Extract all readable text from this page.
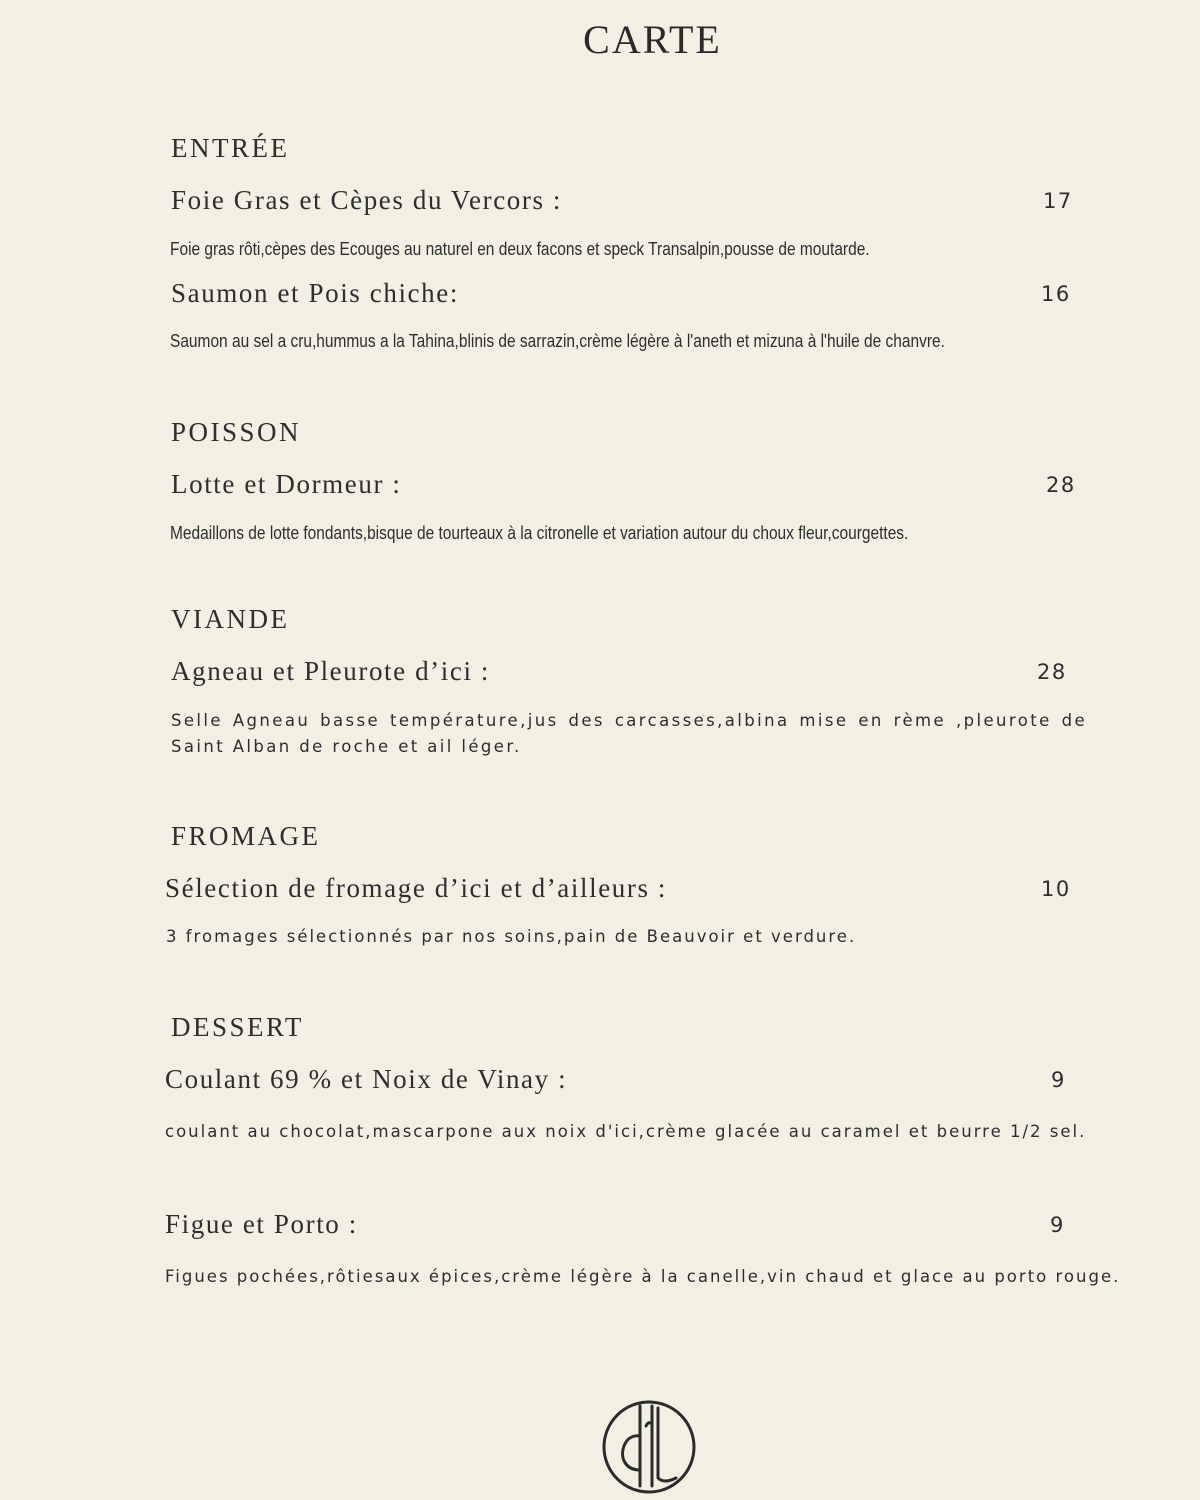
CARTE
ENTRÉE
Foie Gras et Cèpes du Vercors :	17
Foie gras rôti,cèpes des Ecouges au naturel en deux facons et speck Transalpin,pousse de moutarde.
Saumon et Pois chiche:	16
Saumon au sel a cru,hummus a la Tahina,blinis de sarrazin,crème légère à l'aneth et mizuna à l'huile de chanvre.
POISSON
Lotte et Dormeur :	28
Medaillons de lotte fondants,bisque de tourteaux à la citronelle et variation autour du choux fleur,courgettes.
VIANDE
Agneau et Pleurote d’ici :	28
Selle Agneau basse température,jus des carcasses,albina mise en rème ,pleurote de Saint Alban de roche et ail léger.
FROMAGE
Sélection de fromage d’ici et d’ailleurs :	10
3 fromages sélectionnés par nos soins,pain de Beauvoir et verdure.
DESSERT
Coulant 69 % et Noix de Vinay :	9
coulant au chocolat,mascarpone aux noix d'ici,crème glacée au caramel et beurre 1/2 sel.
Figue et Porto :	9
Figues pochées,rôtiesaux épices,crème légère à la canelle,vin chaud et glace au porto rouge.
